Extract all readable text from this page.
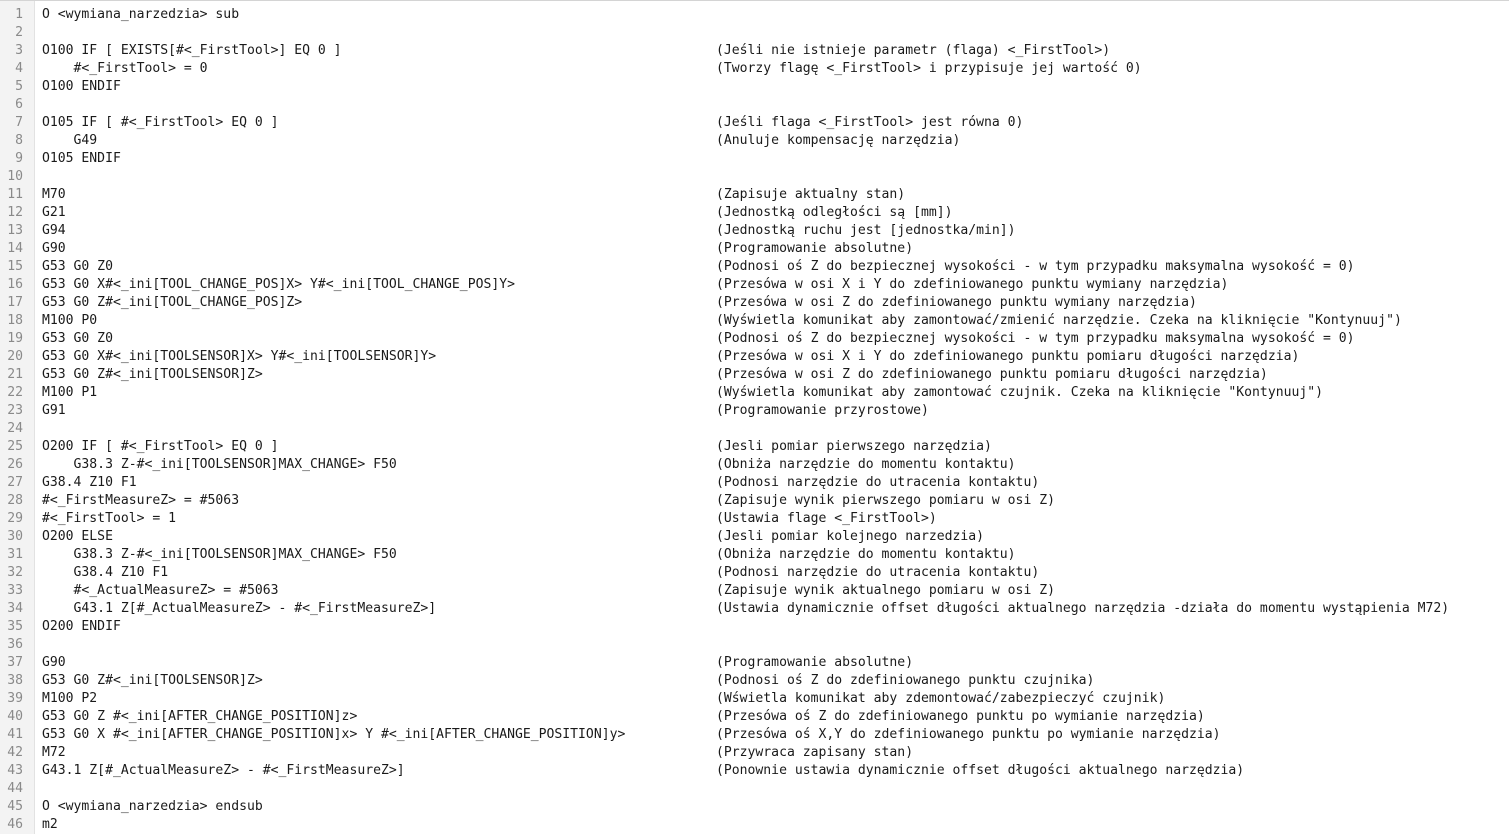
1 O <wymiana_narzedzia> sub
2
3 O100 IF [ EXISTS[#<_FirstTool>] EQ 0 ]	(Jeśli nie istnieje parametr (flaga) <_FirstTool>)
4 #<_FirstTool> = 0	(Tworzy flagę <_FirstTool> i przypisuje jej wartość 0)
5 O100 ENDIF
6
7 O105 IF [ #<_FirstTool> EQ 0 ]	(Jeśli flaga <_FirstTool> jest równa 0)
8 G49	(Anuluje kompensację narzędzia)
9 O105 ENDIF
10
11 M70	(Zapisuje aktualny stan)
12 G21	(Jednostką odległości są [mm])
13 G94	(Jednostką ruchu jest [jednostka/min])
14 G90	(Programowanie absolutne)
15 G53 G0 Z0	(Podnosi oś Z do bezpiecznej wysokości - w tym przypadku maksymalna wysokość = 0)
16 G53 G0 X#<_ini[TOOL_CHANGE_POS]X> Y#<_ini[TOOL_CHANGE_POS]Y>	(Przesówa w osi X i Y do zdefiniowanego punktu wymiany narzędzia)
17 G53 G0 Z#<_ini[TOOL_CHANGE_POS]Z>	(Przesówa w osi Z do zdefiniowanego punktu wymiany narzędzia)
18 M100 P0	(Wyświetla komunikat aby zamontować/zmienić narzędzie. Czeka na kliknięcie "Kontynuuj")
19 G53 G0 Z0	(Podnosi oś Z do bezpiecznej wysokości - w tym przypadku maksymalna wysokość = 0)
20 G53 G0 X#<_ini[TOOLSENSOR]X> Y#<_ini[TOOLSENSOR]Y>	(Przesówa w osi X i Y do zdefiniowanego punktu pomiaru długości narzędzia)
21 G53 G0 Z#<_ini[TOOLSENSOR]Z>	(Przesówa w osi Z do zdefiniowanego punktu pomiaru długości narzędzia)
22 M100 P1	(Wyświetla komunikat aby zamontować czujnik. Czeka na kliknięcie "Kontynuuj")
23 G91	(Programowanie przyrostowe)
24
25 O200 IF [ #<_FirstTool> EQ 0 ]	(Jesli pomiar pierwszego narzędzia)
26 G38.3 Z-#<_ini[TOOLSENSOR]MAX_CHANGE> F50	(Obniża narzędzie do momentu kontaktu)
27 G38.4 Z10 F1	(Podnosi narzędzie do utracenia kontaktu)
28 #<_FirstMeasureZ> = #5063	(Zapisuje wynik pierwszego pomiaru w osi Z)
29 #<_FirstTool> = 1	(Ustawia flage <_FirstTool>)
30 O200 ELSE	(Jesli pomiar kolejnego narzedzia)
31 G38.3 Z-#<_ini[TOOLSENSOR]MAX_CHANGE> F50	(Obniża narzędzie do momentu kontaktu)
32 G38.4 Z10 F1	(Podnosi narzędzie do utracenia kontaktu)
33 #<_ActualMeasureZ> = #5063	(Zapisuje wynik aktualnego pomiaru w osi Z)
34 G43.1 Z[#_ActualMeasureZ> - #<_FirstMeasureZ>]	(Ustawia dynamicznie offset długości aktualnego narzędzia -działa do momentu wystąpienia M72)
35 O200 ENDIF
36
37 G90	(Programowanie absolutne)
38 G53 G0 Z#<_ini[TOOLSENSOR]Z>	(Podnosi oś Z do zdefiniowanego punktu czujnika)
39 M100 P2	(Wświetla komunikat aby zdemontować/zabezpieczyć czujnik)
40 G53 G0 Z #<_ini[AFTER_CHANGE_POSITION]z>	(Przesówa oś Z do zdefiniowanego punktu po wymianie narzędzia)
41 G53 G0 X #<_ini[AFTER_CHANGE_POSITION]x> Y #<_ini[AFTER_CHANGE_POSITION]y>	(Przesówa oś X,Y do zdefiniowanego punktu po wymianie narzędzia)
42 M72	(Przywraca zapisany stan)
43 G43.1 Z[#_ActualMeasureZ> - #<_FirstMeasureZ>]	(Ponownie ustawia dynamicznie offset długości aktualnego narzędzia)
44
45 O <wymiana_narzedzia> endsub
46 m2
